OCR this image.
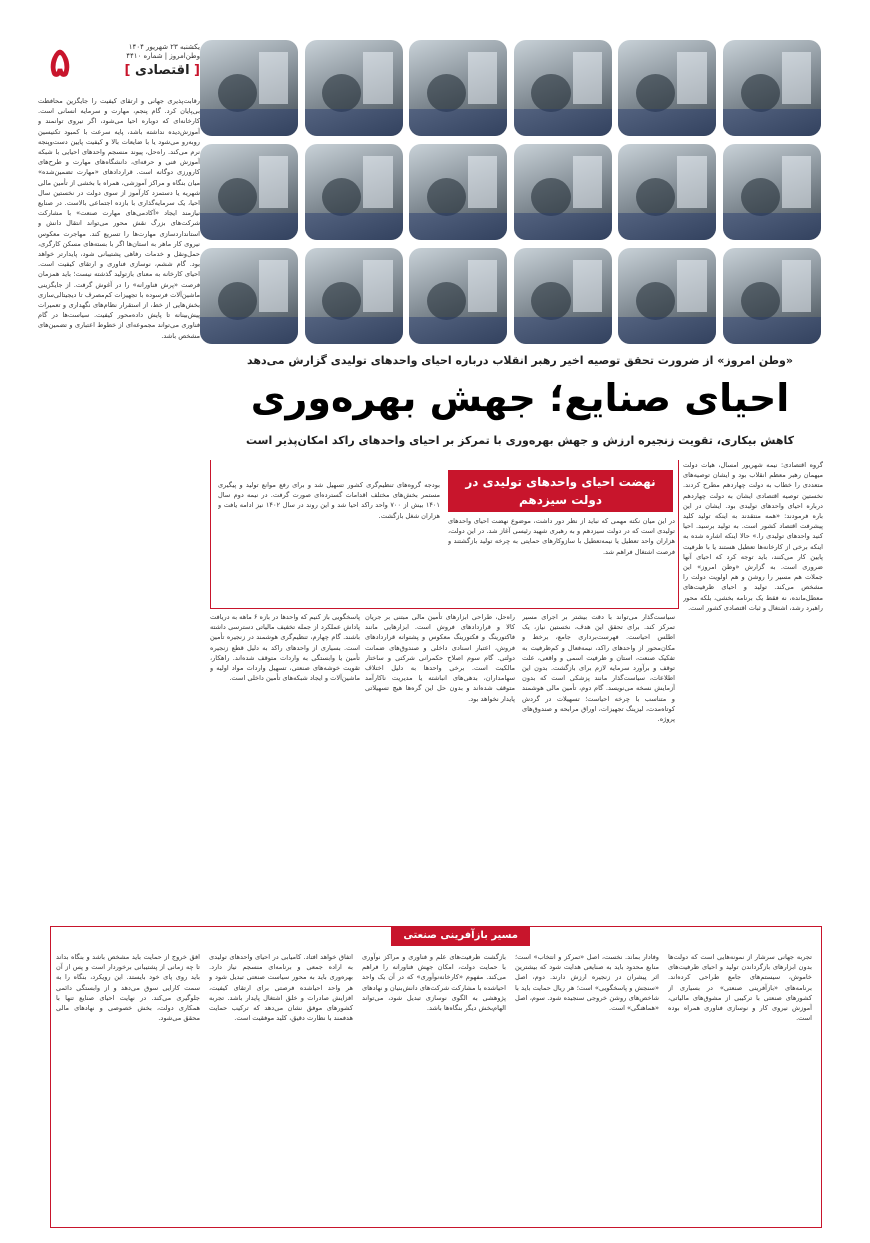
۵	یکشنبه ۲۳ شهریور ۱۴۰۴
وطن‌امروز | شماره ۴۴۱۰
[ اقتصادی ]
«وطن امروز» از ضرورت تحقق توصیه اخیر رهبر انقلاب درباره احیای واحدهای تولیدی گزارش می‌دهد
احیای صنایع؛ جهش بهره‌وری
کاهش بیکاری، تقویت زنجیره ارزش و جهش بهره‌وری با تمرکز بر احیای واحدهای راکد امکان‌پذیر است

رقابت‌پذیری جهانی و ارتقای کیفیت را جایگزین محافظت بی‌پایان کرد. گام پنجم، مهارت و سرمایه انسانی است. کارخانه‌ای که دوباره احیا می‌شود، اگر نیروی توانمند و آموزش‌دیده نداشته باشد، پایه سرعت با کمبود تکنیسین روبه‌رو می‌شود یا با ضایعات بالا و کیفیت پایین دست‌وپنجه نرم می‌کند. راه‌حل، پیوند منسجم واحدهای احیایی با شبکه آموزش فنی و حرفه‌ای، دانشگاه‌های مهارت و طرح‌های کارورزی دوگانه است. قراردادهای «مهارت تضمین‌شده» میان بنگاه و مراکز آموزشی، همراه با بخشی از تأمین مالی شهریه یا دستمزد کارآموز از سوی دولت در نخستین سال احیا، یک سرمایه‌گذاری با بازده اجتماعی بالاست. در صنایع نیازمند ایجاد «آکادمی‌های مهارت صنعت» با مشارکت شرکت‌های بزرگ نقش محور می‌تواند انتقال دانش و استاندارد‌سازی مهارت‌ها را تسریع کند. مهاجرت معکوس نیروی کار ماهر به استان‌ها اگر با بسته‌های مسکن کارگری، حمل‌ونقل و خدمات رفاهی پشتیبانی شود، پایدارتر خواهد بود. گام ششم، نوسازی فناوری و ارتقای کیفیت است. احیای کارخانه به معنای بازتولید گذشته نیست؛ باید همزمان فرصت «پرش‌ فناورانه» را در آغوش گرفت. از جایگزینی ماشین‌آلات فرسوده با تجهیزات کم‌مصرف تا دیجیتالی‌سازی بخش‌هایی از خط، از استقرار نظام‌های نگهداری و تعمیرات پیش‌بینانه تا پایش داده‌محور کیفیت. سیاست‌ها در گام فناوری می‌تواند مجموعه‌ای از خطوط اعتباری و تضمین‌های مشخص باشد.

گروه اقتصادی: نیمه شهریور امسال، هیات دولت میهمان رهبر معظم انقلاب بود و ایشان توصیه‌های متعددی را خطاب به دولت چهاردهم مطرح کردند. نخستین توصیه اقتصادی ایشان به دولت چهاردهم درباره احیای واحدهای تولیدی بود. ایشان در این باره فرمودند: «همه منتقدند به اینکه تولید کلید پیشرفت اقتصاد کشور است. به تولید برسید. احیا کنید واحدهای تولیدی را.» حالا اینکه اشاره شده به اینکه برخی از کارخانه‌ها تعطیل هستند یا با ظرفیت پایین کار می‌کنند، باید توجه کرد که احیای آنها ضروری است. به گزارش «وطن امروز» این جملات هم مسیر را روشن و هم اولویت دولت را مشخص می‌کند. تولید و احیای ظرفیت‌های معطل‌مانده، نه فقط یک برنامه بخشی، بلکه محور راهبرد رشد، اشتغال و ثبات اقتصادی کشور است.

نهضت احیای واحدهای تولیدی در دولت سیزدهم

در این میان نکته مهمی که نباید از نظر دور داشت، موضوع نهضت احیای واحدهای تولیدی است که در دولت سیزدهم و به رهبری شهید رئیسی آغاز شد. در این دولت، هزاران واحد تعطیل یا نیمه‌تعطیل با سازوکارهای حمایتی به چرخه تولید بازگشتند و فرصت اشتغال فراهم شد.

بودجه گروه‌های تنظیم‌گری کشور تسهیل شد و برای رفع موانع تولید و پیگیری مستمر بخش‌های مختلف اقدامات گسترده‌ای صورت گرفت. در نیمه دوم سال ۱۴۰۱ بیش از ۷۰۰ واحد راکد احیا شد و این روند در سال ۱۴۰۲ نیز ادامه یافت و هزاران شغل بازگشت.

سیاست‌گذار می‌تواند با دقت بیشتر بر اجرای مسیر تمرکز کند. برای تحقق این هدف، نخستین نیاز، یک اطلس احیاست. فهرست‌برداری جامع، برخط و مکان‌محور از واحدهای راکد، نیمه‌فعال و کم‌ظرفیت به تفکیک صنعت، استان و ظرفیت اسمی و واقعی، علت توقف و برآورد سرمایه لازم برای بازگشت. بدون این اطلاعات، سیاست‌گذار مانند پزشکی است که بدون آزمایش نسخه می‌نویسد. گام دوم، تأمین مالی هوشمند و متناسب با چرخه احیاست؛ تسهیلات در گردش کوتاه‌مدت، لیزینگ تجهیزات، اوراق مرابحه و صندوق‌های پروژه.

راه‌حل، طراحی ابزارهای تأمین مالی مبتنی بر جریان کالا و قراردادهای فروش است. ابزارهایی مانند فاکتورینگ و فکتورینگ معکوس و پشتوانه قراردادهای فروش، اعتبار اسنادی داخلی و صندوق‌های ضمانت دولتی. گام سوم اصلاح حکمرانی شرکتی و ساختار مالکیت است. برخی واحدها به دلیل اختلاف سهامداران، بدهی‌های انباشته یا مدیریت ناکارآمد متوقف شده‌اند و بدون حل این گره‌ها هیچ تسهیلاتی پایدار نخواهد بود.

پاسخگویی باز کنیم که واحدها در بازه ۶ ماهه به دریافت پاداش عملکرد از جمله تخفیف مالیاتی دسترسی داشته باشند. گام چهارم، تنظیم‌گری هوشمند در زنجیره تأمین است. بسیاری از واحدهای راکد به دلیل قطع زنجیره تأمین یا وابستگی به واردات متوقف شده‌اند. راهکار، تقویت خوشه‌های صنعتی، تسهیل واردات مواد اولیه و ماشین‌آلات و ایجاد شبکه‌های تأمین داخلی است.

مسیر بازآفرینی صنعتی

تجربه جهانی سرشار از نمونه‌هایی است که دولت‌ها بدون ابزارهای بازگرداندن تولید و احیای ظرفیت‌های خاموش، سیستم‌های جامع طراحی کرده‌اند. برنامه‌های «بازآفرینی صنعتی» در بسیاری از کشورهای صنعتی با ترکیبی از مشوق‌های مالیاتی، آموزش نیروی کار و نوسازی فناوری همراه بوده است.

وفادار بماند. نخست، اصل «تمرکز و انتخاب» است؛ منابع محدود باید به صنایعی هدایت شود که بیشترین اثر پیشران در زنجیره ارزش دارند. دوم، اصل «سنجش و پاسخگویی» است؛ هر ریال حمایت باید با شاخص‌های روشن خروجی سنجیده شود. سوم، اصل «هماهنگی» است.

بازگشت ظرفیت‌های علم و فناوری و مراکز نوآوری با حمایت دولت، امکان جهش فناورانه را فراهم می‌کند. مفهوم «کارخانه‌نوآوری» که در آن یک واحد احیاشده با مشارکت شرکت‌های دانش‌بنیان و نهادهای پژوهشی به الگوی نوسازی تبدیل شود، می‌تواند الهام‌بخش دیگر بنگاه‌ها باشد.

اتفاق خواهد افتاد. کامیابی در احیای واحدهای تولیدی به اراده جمعی و برنامه‌ای منسجم نیاز دارد. بهره‌وری باید به محور سیاست صنعتی تبدیل شود و هر واحد احیاشده فرصتی برای ارتقای کیفیت، افزایش صادرات و خلق اشتغال پایدار باشد. تجربه کشورهای موفق نشان می‌دهد که ترکیب حمایت هدفمند با نظارت دقیق، کلید موفقیت است.

افق خروج از حمایت باید مشخص باشد و بنگاه بداند تا چه زمانی از پشتیبانی برخوردار است و پس از آن باید روی پای خود بایستد. این رویکرد، بنگاه را به سمت کارایی سوق می‌دهد و از وابستگی دائمی جلوگیری می‌کند. در نهایت احیای صنایع تنها با همکاری دولت، بخش خصوصی و نهادهای مالی محقق می‌شود.
